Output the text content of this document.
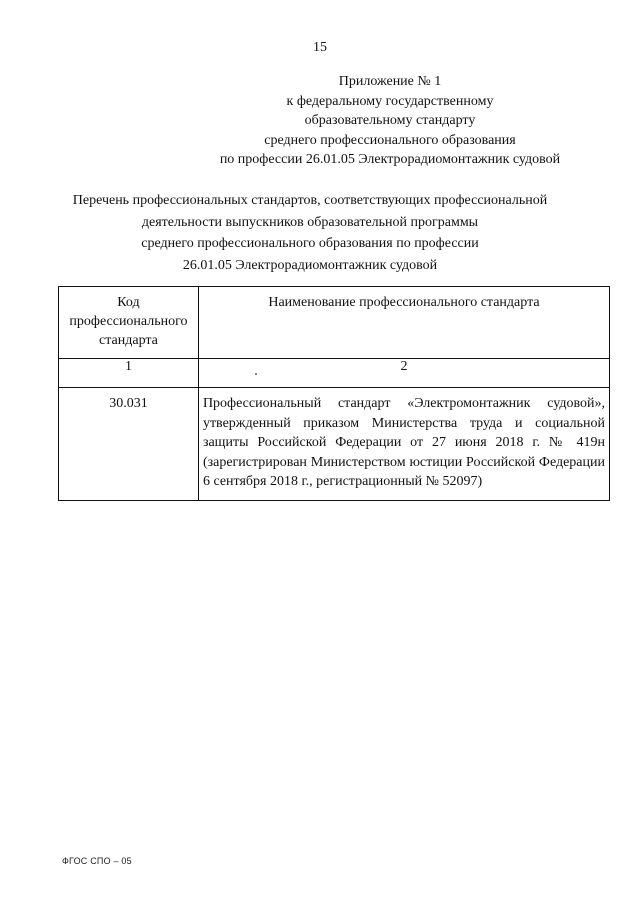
15
Приложение № 1
к федеральному государственному
образовательному стандарту
среднего профессионального образования
по профессии 26.01.05 Электрорадиомонтажник судовой
Перечень профессиональных стандартов, соответствующих профессиональной
деятельности выпускников образовательной программы
среднего профессионального образования по профессии
26.01.05 Электрорадиомонтажник судовой
Код
профессионального
стандарта	Наименование профессионального стандарта
1	2

30.031	Профессиональный стандарт «Электромонтажник судовой», утвержденный приказом Министерства труда и социальной защиты Российской Федерации от 27 июня 2018 г. № 419н (зарегистрирован Министерством юстиции Российской Федерации 6 сентября 2018 г., регистрационный № 52097)
ФГОС СПО – 05
